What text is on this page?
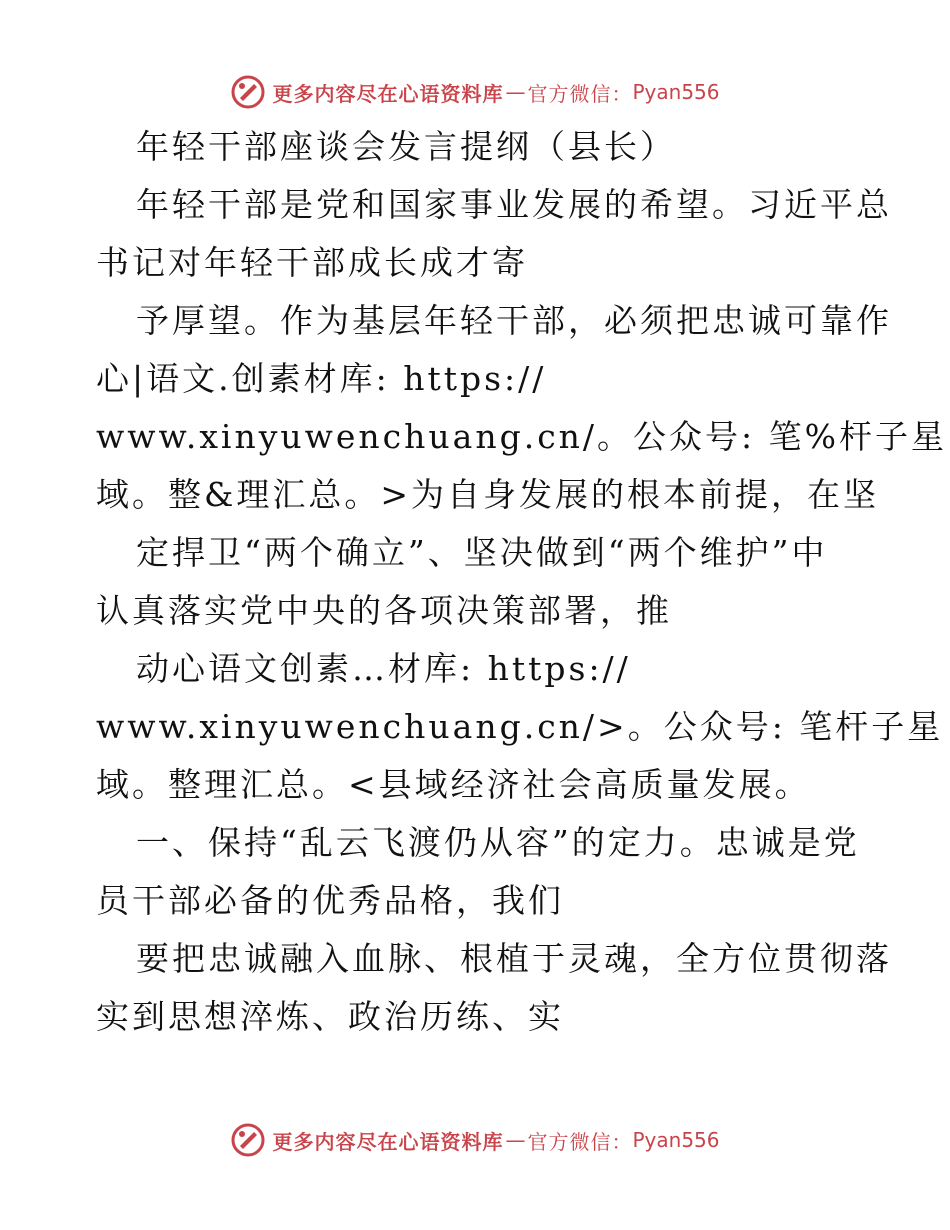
更多内容尽在心语资料库 — 官方微信： Pyan556
年轻干部座谈会发言提纲（县长）
年轻干部是党和国家事业发展的希望。习近平总
书记对年轻干部成长成才寄
予厚望。作为基层年轻干部，必须把忠诚可靠作
心|语文.创素材库: https://
www.xinyuwenchuang.cn/。公众号: 笔%杆子星
域。整&理汇总。>为自身发展的根本前提，在坚
定捍卫“两个确立”、坚决做到“两个维护”中
认真落实党中央的各项决策部署，推
动心语文创素…材库: https://
www.xinyuwenchuang.cn/>。公众号: 笔杆子星
域。整理汇总。<县域经济社会高质量发展。
一、保持“乱云飞渡仍从容”的定力。忠诚是党
员干部必备的优秀品格，我们
要把忠诚融入血脉、根植于灵魂，全方位贯彻落
实到思想淬炼、政治历练、实
更多内容尽在心语资料库 — 官方微信： Pyan556
